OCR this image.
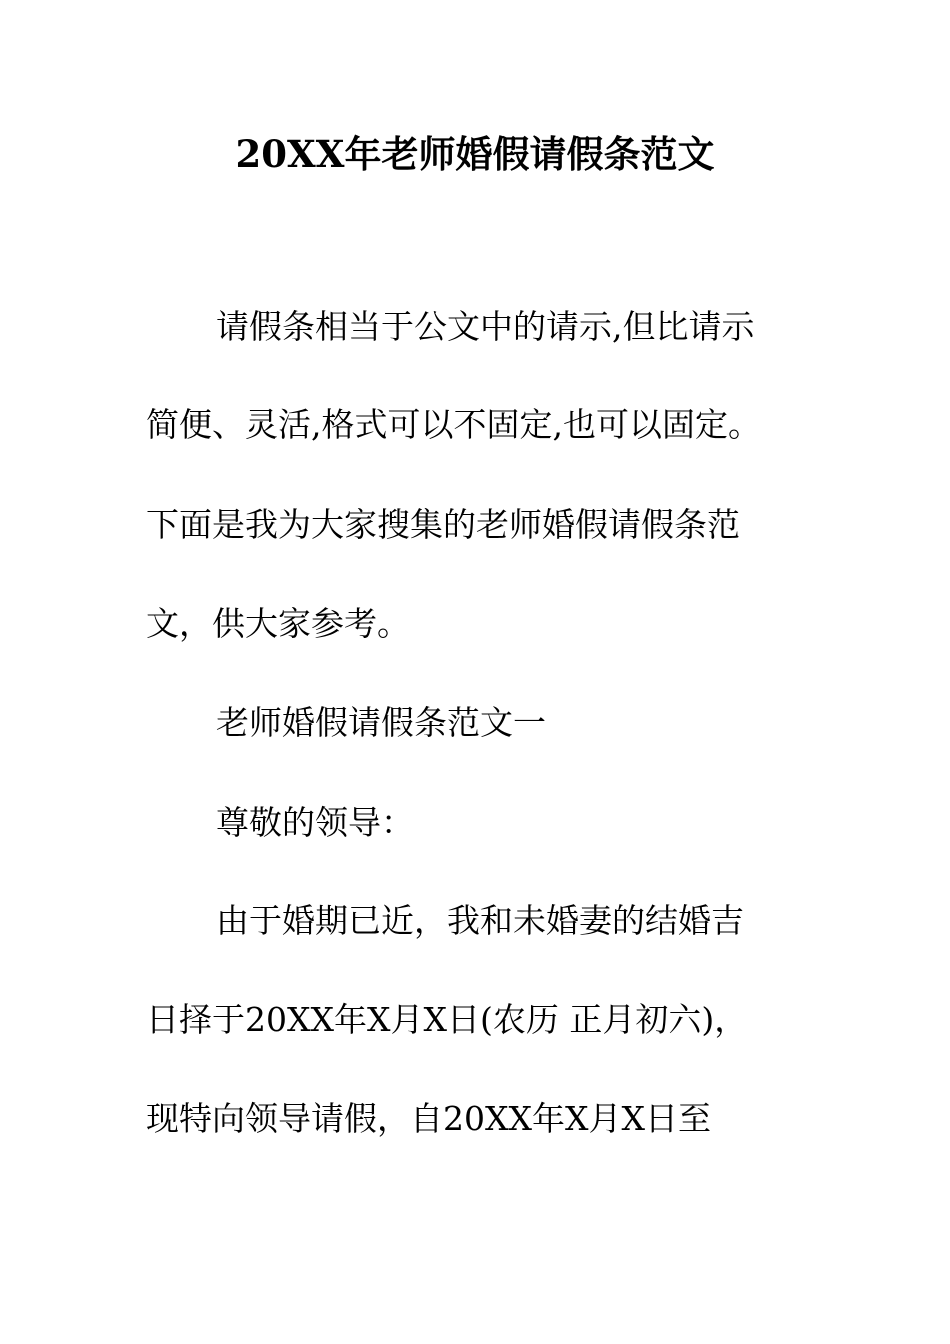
20XX年老师婚假请假条范文
请假条相当于公文中的请示,但比请示
简便、灵活,格式可以不固定,也可以固定。
下面是我为大家搜集的老师婚假请假条范
文，供大家参考。
老师婚假请假条范文一
尊敬的领导：
由于婚期已近，我和未婚妻的结婚吉
日择于20XX年X月X日(农历 正月初六)，
现特向领导请假，自20XX年X月X日至
